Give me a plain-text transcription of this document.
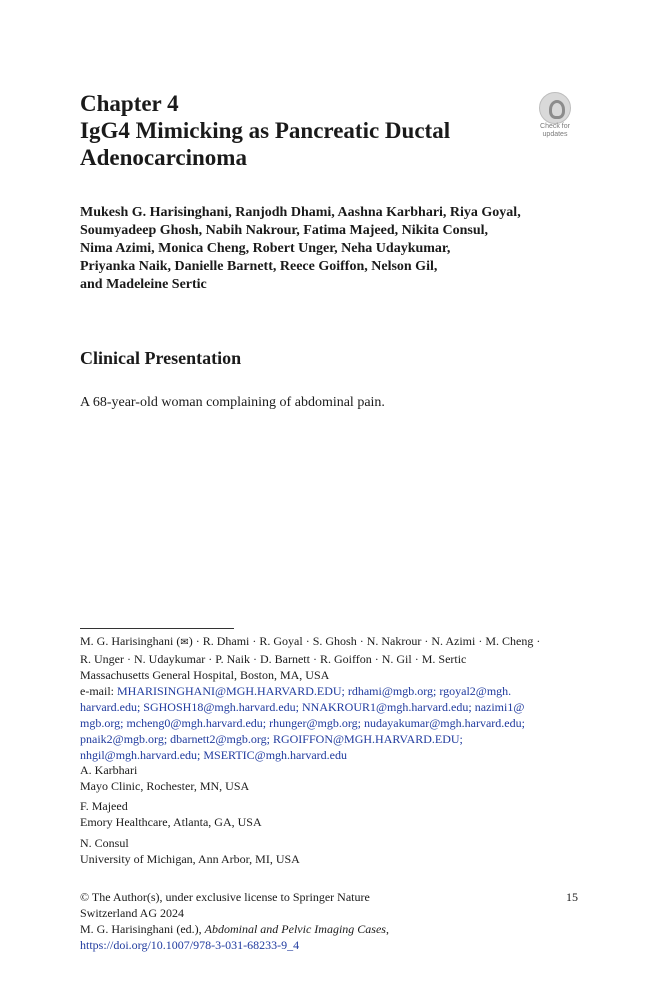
Chapter 4
IgG4 Mimicking as Pancreatic Ductal
Adenocarcinoma
Check for
updates
Mukesh G. Harisinghani, Ranjodh Dhami, Aashna Karbhari, Riya Goyal,
Soumyadeep Ghosh, Nabih Nakrour, Fatima Majeed, Nikita Consul,
Nima Azimi, Monica Cheng, Robert Unger, Neha Udaykumar,
Priyanka Naik, Danielle Barnett, Reece Goiffon, Nelson Gil,
and Madeleine Sertic
Clinical Presentation
A 68-year-old woman complaining of abdominal pain.
M. G. Harisinghani (✉) · R. Dhami · R. Goyal · S. Ghosh · N. Nakrour · N. Azimi · M. Cheng ·
R. Unger · N. Udaykumar · P. Naik · D. Barnett · R. Goiffon · N. Gil · M. Sertic
Massachusetts General Hospital, Boston, MA, USA
e-mail: MHARISINGHANI@MGH.HARVARD.EDU; rdhami@mgb.org; rgoyal2@mgh.
harvard.edu; SGHOSH18@mgh.harvard.edu; NNAKROUR1@mgh.harvard.edu; nazimi1@
mgb.org; mcheng0@mgh.harvard.edu; rhunger@mgb.org; nudayakumar@mgh.harvard.edu;
pnaik2@mgb.org; dbarnett2@mgb.org; RGOIFFON@MGH.HARVARD.EDU;
nhgil@mgh.harvard.edu; MSERTIC@mgh.harvard.edu
A. Karbhari
Mayo Clinic, Rochester, MN, USA
F. Majeed
Emory Healthcare, Atlanta, GA, USA
N. Consul
University of Michigan, Ann Arbor, MI, USA
© The Author(s), under exclusive license to Springer Nature
Switzerland AG 2024
M. G. Harisinghani (ed.), Abdominal and Pelvic Imaging Cases,
https://doi.org/10.1007/978-3-031-68233-9_4
15
